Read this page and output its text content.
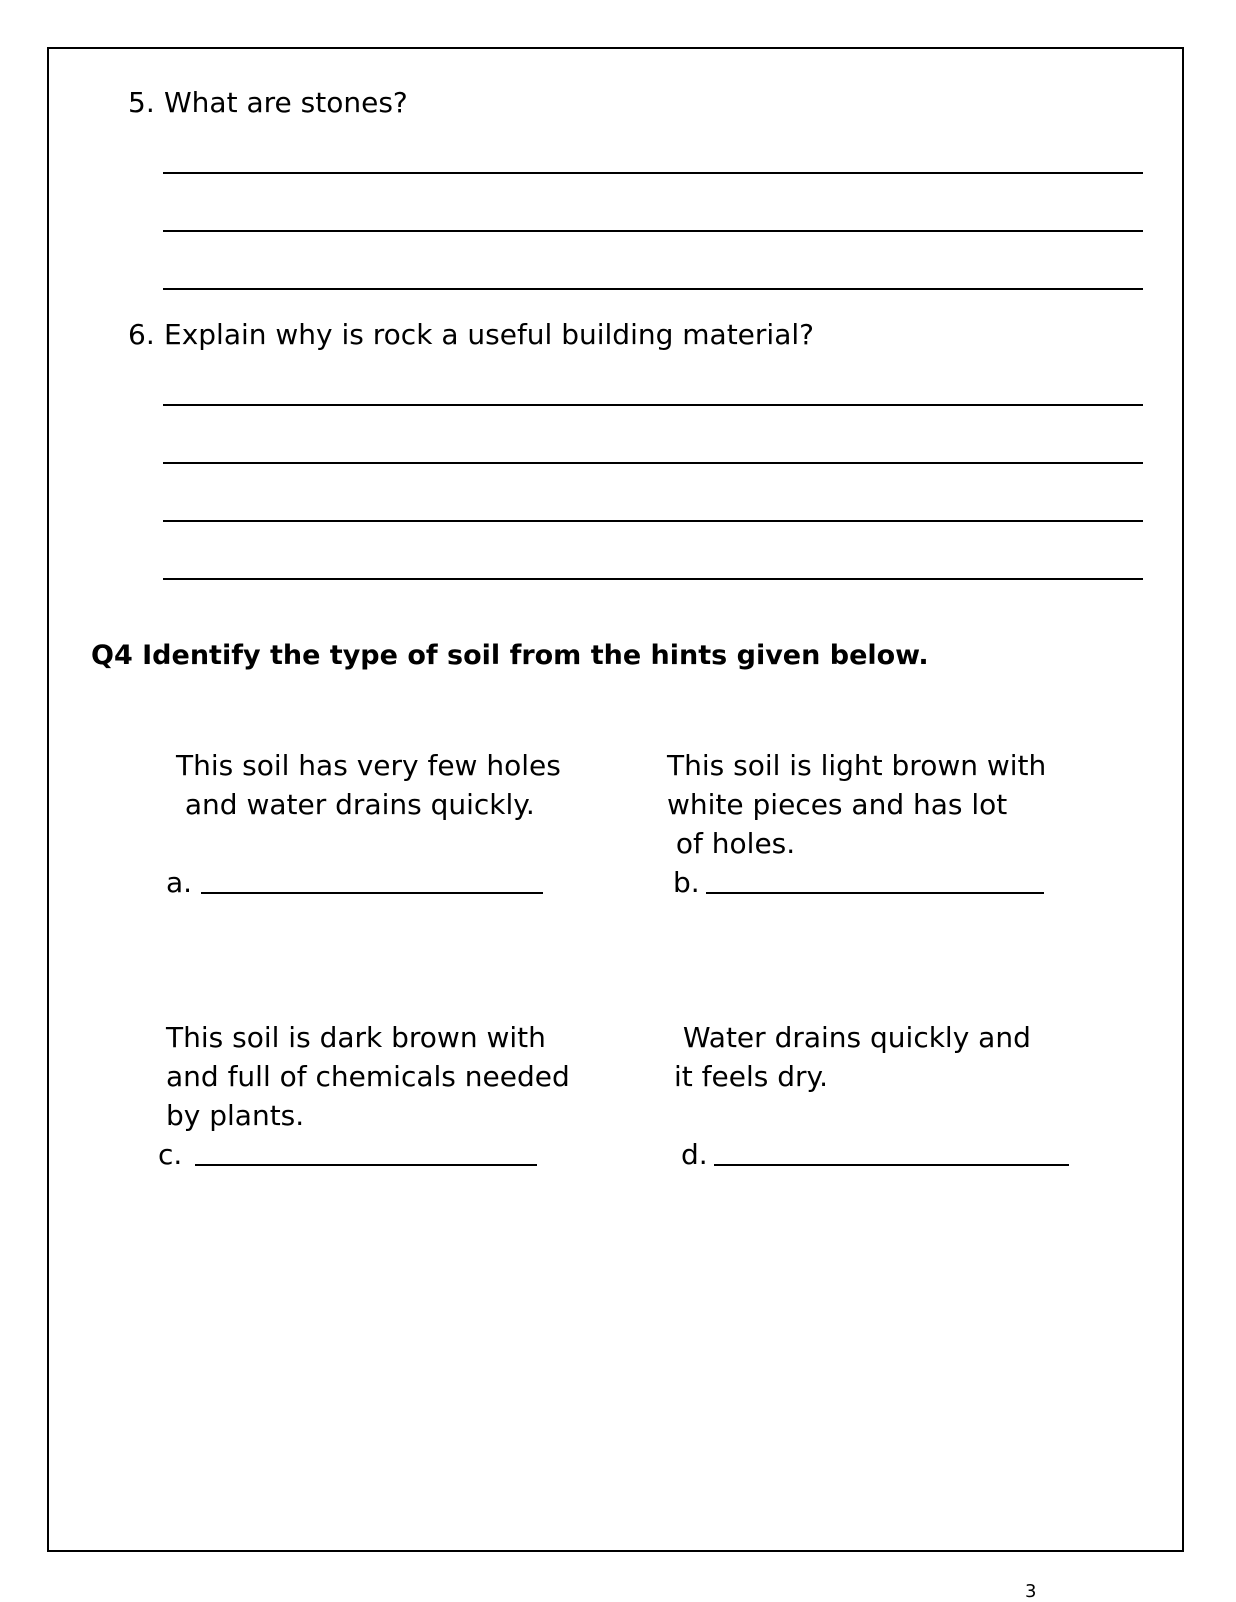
5. What are stones?
6. Explain why is rock a useful building material?
Q4 Identify the type of soil from the hints given below.
This soil has very few holes
and water drains quickly.
a.
This soil is light brown with
white pieces and has lot
of holes.
b.
This soil is dark brown with
and full of chemicals needed
by plants.
c.
Water drains quickly and
it feels dry.
d.
3
